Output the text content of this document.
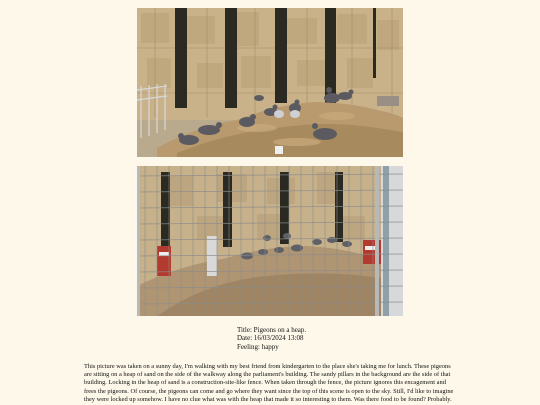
Title: Pigeons on a heap.
Date: 16/03/2024 13:08
Feeling: happy
This picture was taken on a sunny day, I'm walking with my best friend from kindergarten to the place she's taking me for lunch. These pigeons are sitting on a heap of sand on the side of the walkway along the parliament's building. The sandy pillars in the background are the side of that building. Locking in the heap of sand is a construction-site-like fence. When taken through the fence, the picture ignores this encagement and frees the pigeons. Of course, the pigeons can come and go where they want since the top of this scene is open to the sky. Still, I'd like to imagine they were locked up somehow. I have no clue what was with the heap that made it so interesting to them. Was there food to be found? Probably.
